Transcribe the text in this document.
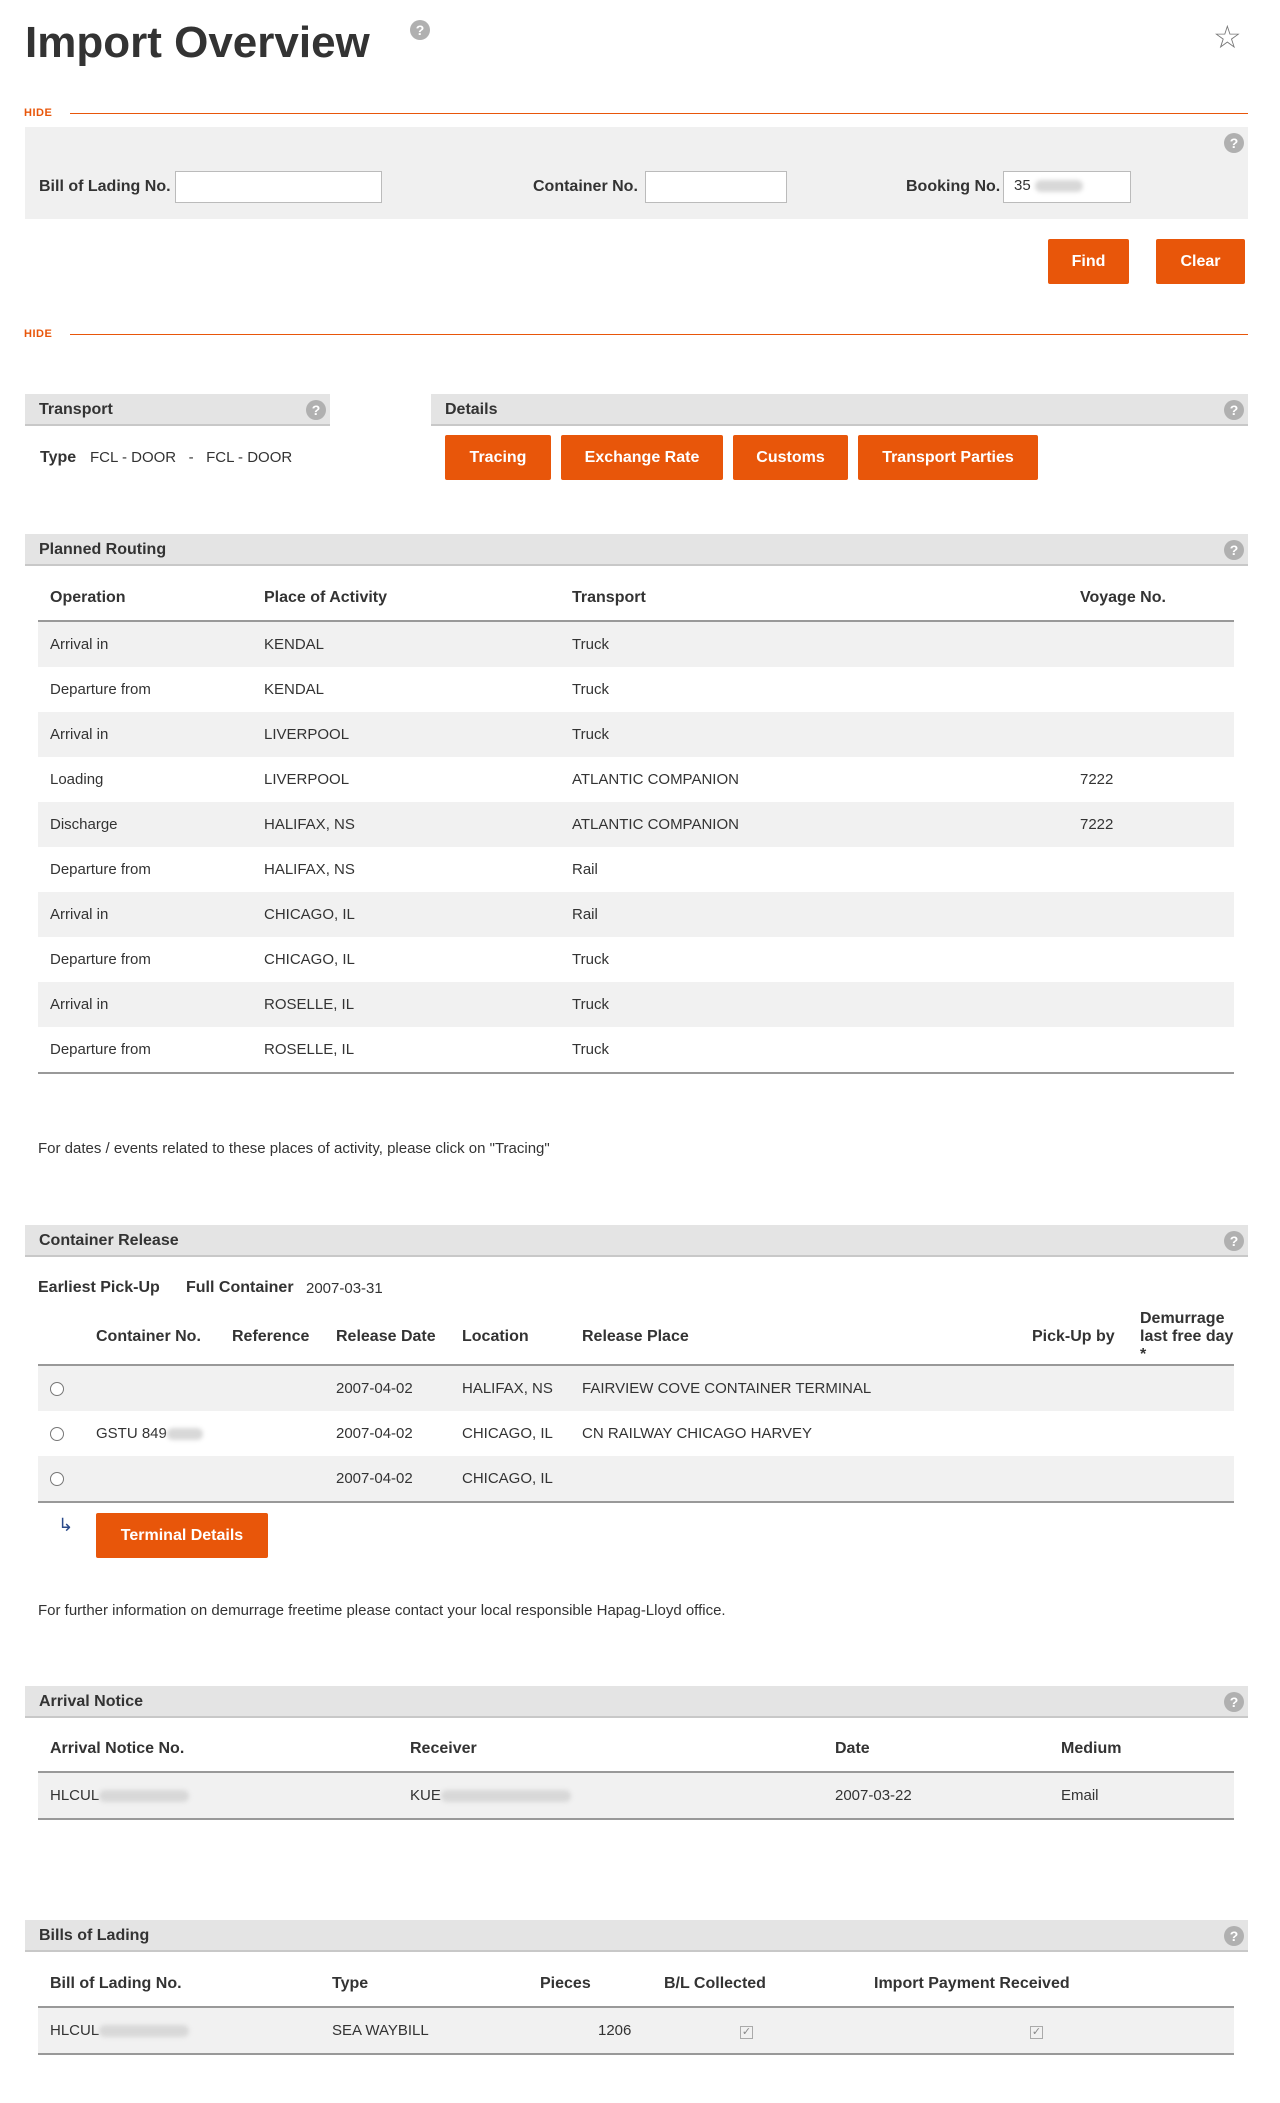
Import Overview	?	☆
HIDE
?
Bill of Lading No.	Container No.	Booking No. 35
Find	Clear
HIDE
Transport	?
Type FCL - DOOR   -   FCL - DOOR
Details	?
Tracing	Exchange Rate	Customs	Transport Parties
Planned Routing	?
Operation	Place of Activity	Transport	Voyage No.
Arrival in	KENDAL	Truck	
Departure from	KENDAL	Truck	
Arrival in	LIVERPOOL	Truck	
Loading	LIVERPOOL	ATLANTIC COMPANION	7222
Discharge	HALIFAX, NS	ATLANTIC COMPANION	7222
Departure from	HALIFAX, NS	Rail	
Arrival in	CHICAGO, IL	Rail	
Departure from	CHICAGO, IL	Truck	
Arrival in	ROSELLE, IL	Truck	
Departure from	ROSELLE, IL	Truck	
For dates / events related to these places of activity, please click on "Tracing"
Container Release	?
Earliest Pick-Up Full Container 2007-03-31
	Container No.	Reference	Release Date	Location	Release Place	Pick-Up by	Demurrage last free day *
			2007-04-02	HALIFAX, NS	FAIRVIEW COVE CONTAINER TERMINAL		
	GSTU 849		2007-04-02	CHICAGO, IL	CN RAILWAY CHICAGO HARVEY		
			2007-04-02	CHICAGO, IL			
↳
Terminal Details
For further information on demurrage freetime please contact your local responsible Hapag-Lloyd office.
Arrival Notice	?
Arrival Notice No.	Receiver	Date	Medium
HLCUL	KUE	2007-03-22	Email
Bills of Lading	?
Bill of Lading No.	Type	Pieces	B/L Collected	Import Payment Received
HLCUL	SEA WAYBILL	1206	✓	✓
